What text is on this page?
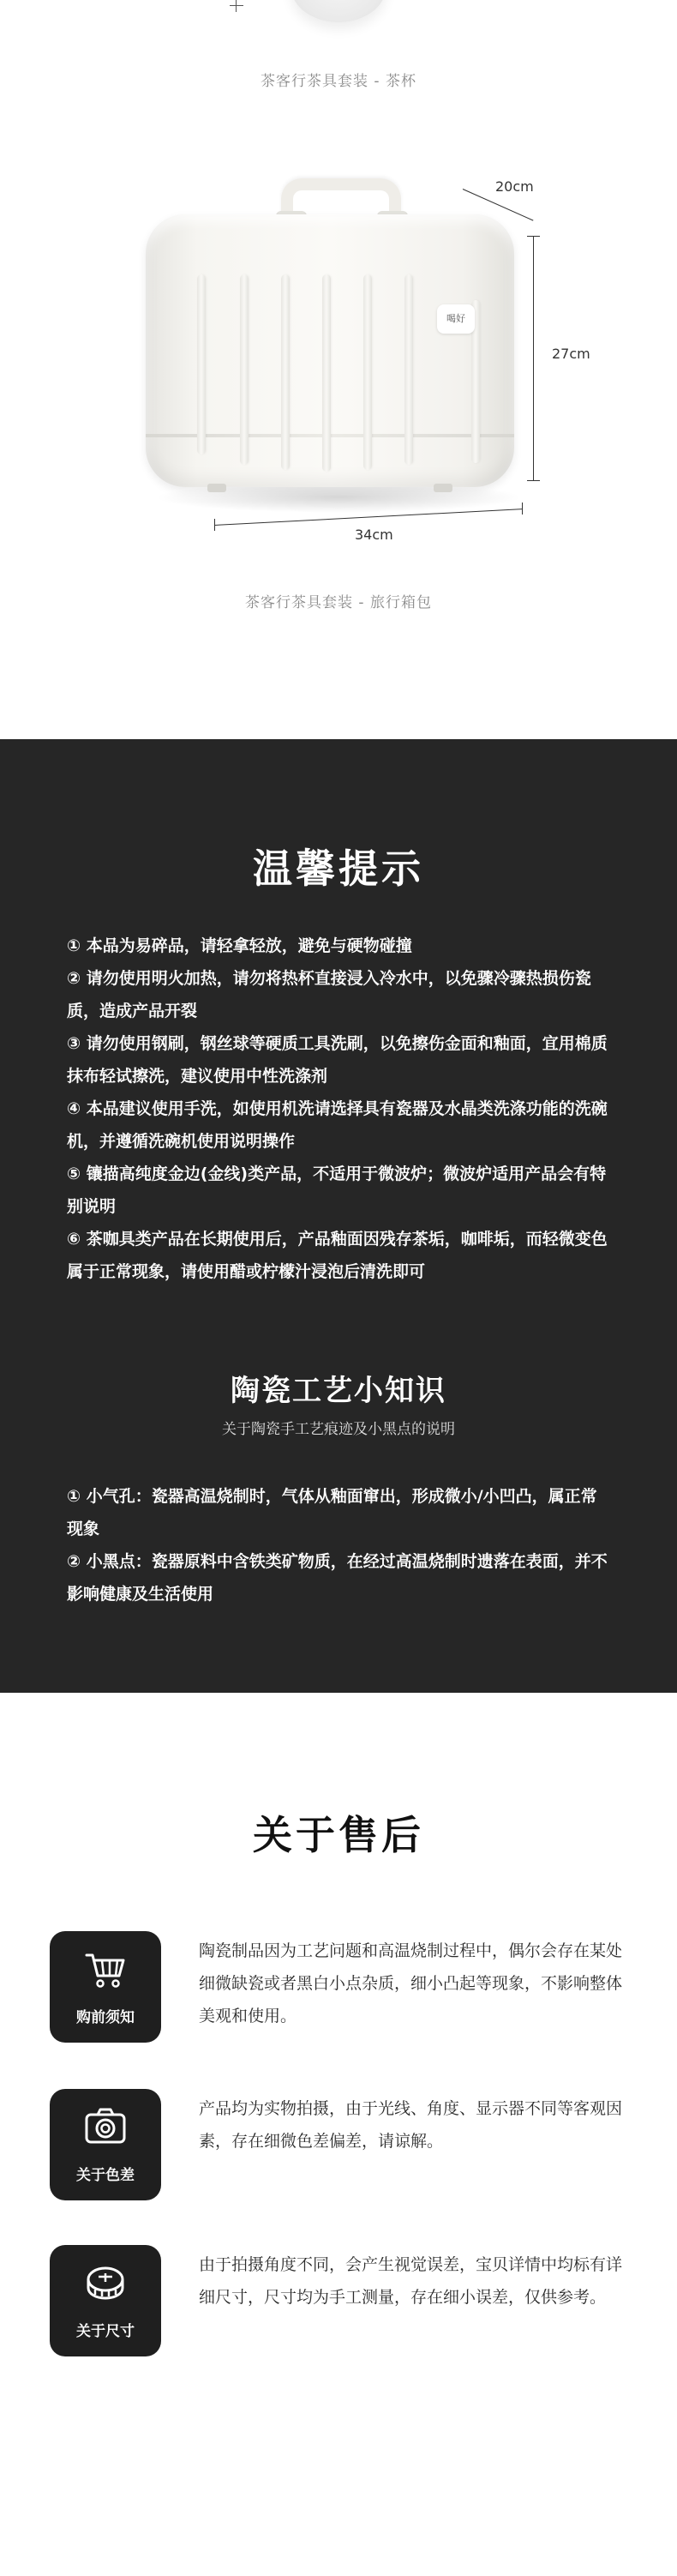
茶客行茶具套装 - 茶杯
喝好
20cm
27cm
34cm
茶客行茶具套装 - 旅行箱包
温馨提示

① 本品为易碎品，请轻拿轻放，避免与硬物碰撞

② 请勿使用明火加热，请勿将热杯直接浸入冷水中，以免骤冷骤热损伤瓷质，造成产品开裂

③ 请勿使用钢刷，钢丝球等硬质工具洗刷，以免擦伤金面和釉面，宜用棉质抹布轻试擦洗，建议使用中性洗涤剂

④ 本品建议使用手洗，如使用机洗请选择具有瓷器及水晶类洗涤功能的洗碗机，并遵循洗碗机使用说明操作

⑤ 镶描高纯度金边(金线)类产品，不适用于微波炉；微波炉适用产品会有特别说明

⑥ 茶咖具类产品在长期使用后，产品釉面因残存茶垢，咖啡垢，而轻微变色属于正常现象，请使用醋或柠檬汁浸泡后清洗即可

陶瓷工艺小知识

关于陶瓷手工艺痕迹及小黑点的说明

① 小气孔：瓷器高温烧制时，气体从釉面窜出，形成微小/小凹凸，属正常现象

② 小黑点：瓷器原料中含铁类矿物质，在经过高温烧制时遗落在表面，并不影响健康及生活使用

关于售后
购前须知

陶瓷制品因为工艺问题和高温烧制过程中，偶尔会存在某处细微缺瓷或者黑白小点杂质，细小凸起等现象，不影响整体美观和使用。

关于色差

产品均为实物拍摄，由于光线、角度、显示器不同等客观因素，存在细微色差偏差，请谅解。

关于尺寸

由于拍摄角度不同，会产生视觉误差，宝贝详情中均标有详细尺寸，尺寸均为手工测量，存在细小误差，仅供参考。
